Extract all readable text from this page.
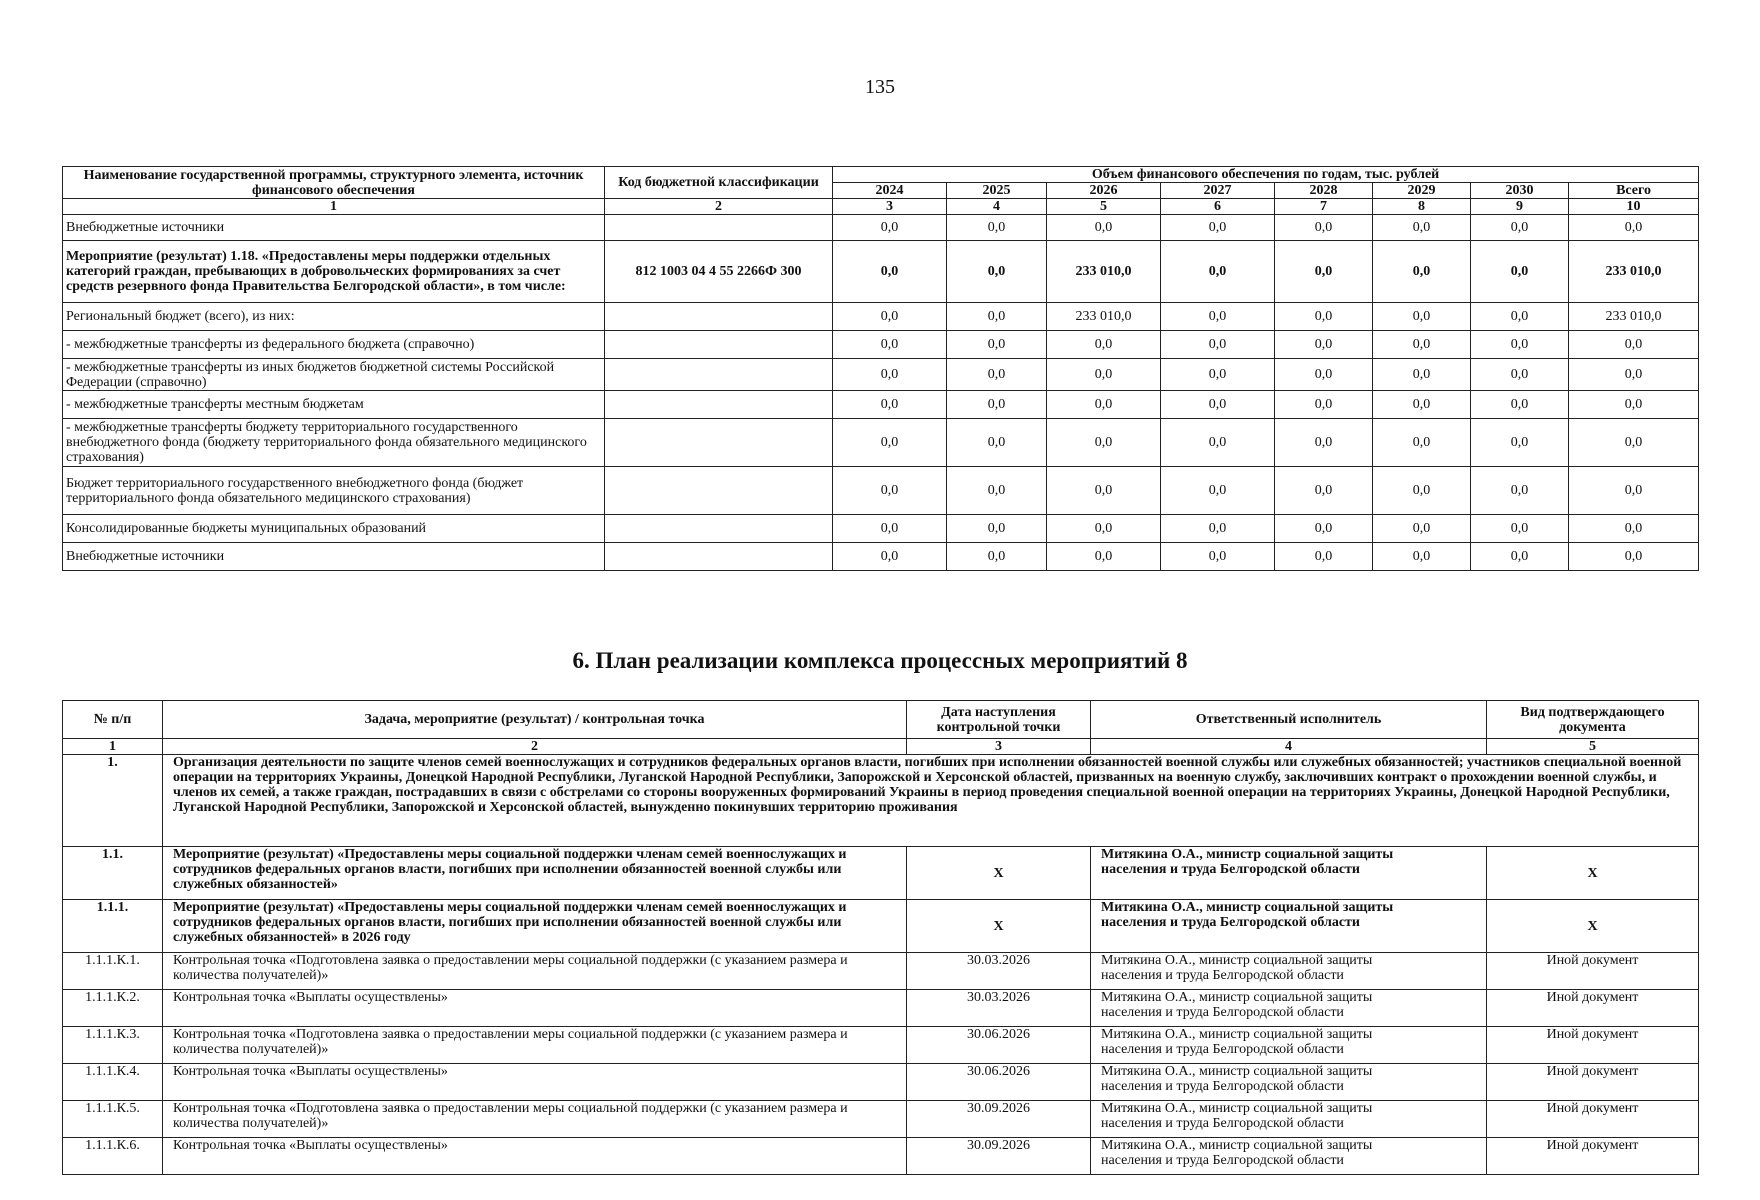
135
Наименование государственной программы, структурного элемента, источник финансового обеспечения	Код бюджетной классификации	Объем финансового обеспечения по годам, тыс. рублей							
		2024	2025	2026	2027	2028	2029	2030	Всего
1	2	3	4	5	6	7	8	9	10
Внебюджетные источники		0,0	0,0	0,0	0,0	0,0	0,0	0,0	0,0
Мероприятие (результат) 1.18. «Предоставлены меры поддержки отдельных категорий граждан, пребывающих в добровольческих формированиях за счет средств резервного фонда Правительства Белгородской области», в том числе:	812 1003 04 4 55 2266Ф 300	0,0	0,0	233 010,0	0,0	0,0	0,0	0,0	233 010,0
Региональный бюджет (всего), из них:		0,0	0,0	233 010,0	0,0	0,0	0,0	0,0	233 010,0
- межбюджетные трансферты из федерального бюджета (справочно)		0,0	0,0	0,0	0,0	0,0	0,0	0,0	0,0
- межбюджетные трансферты из иных бюджетов бюджетной системы Российской Федерации (справочно)		0,0	0,0	0,0	0,0	0,0	0,0	0,0	0,0
- межбюджетные трансферты местным бюджетам		0,0	0,0	0,0	0,0	0,0	0,0	0,0	0,0
- межбюджетные трансферты бюджету территориального государственного внебюджетного фонда (бюджету территориального фонда обязательного медицинского страхования)		0,0	0,0	0,0	0,0	0,0	0,0	0,0	0,0
Бюджет территориального государственного внебюджетного фонда (бюджет территориального фонда обязательного медицинского страхования)		0,0	0,0	0,0	0,0	0,0	0,0	0,0	0,0
Консолидированные бюджеты муниципальных образований		0,0	0,0	0,0	0,0	0,0	0,0	0,0	0,0
Внебюджетные источники		0,0	0,0	0,0	0,0	0,0	0,0	0,0	0,0
6. План реализации комплекса процессных мероприятий 8
№ п/п	Задача, мероприятие (результат) / контрольная точка	Дата наступления контрольной точки	Ответственный исполнитель	Вид подтверждающего документа
1	2	3	4	5
1.	Организация деятельности по защите членов семей военнослужащих и сотрудников федеральных органов власти, погибших при исполнении обязанностей военной службы или служебных обязанностей; участников специальной военной операции на территориях Украины, Донецкой Народной Республики, Луганской Народной Республики, Запорожской и Херсонской областей, призванных на военную службу, заключивших контракт о прохождении военной службы, и членов их семей, а также граждан, пострадавших в связи с обстрелами со стороны вооруженных формирований Украины в период проведения специальной военной операции на территориях Украины, Донецкой Народной Республики, Луганской Народной Республики, Запорожской и Херсонской областей, вынужденно покинувших территорию проживания			
1.1.	Мероприятие (результат) «Предоставлены меры социальной поддержки членам семей военнослужащих и сотрудников федеральных органов власти, погибших при исполнении обязанностей военной службы или служебных обязанностей»	X	Митякина О.А., министр социальной защиты населения и труда Белгородской области	X
1.1.1.	Мероприятие (результат) «Предоставлены меры социальной поддержки членам семей военнослужащих и сотрудников федеральных органов власти, погибших при исполнении обязанностей военной службы или служебных обязанностей» в 2026 году	X	Митякина О.А., министр социальной защиты населения и труда Белгородской области	X
1.1.1.К.1.	Контрольная точка «Подготовлена заявка о предоставлении меры социальной поддержки (с указанием размера и количества получателей)»	30.03.2026	Митякина О.А., министр социальной защиты населения и труда Белгородской области	Иной документ
1.1.1.К.2.	Контрольная точка «Выплаты осуществлены»	30.03.2026	Митякина О.А., министр социальной защиты населения и труда Белгородской области	Иной документ
1.1.1.К.3.	Контрольная точка «Подготовлена заявка о предоставлении меры социальной поддержки (с указанием размера и количества получателей)»	30.06.2026	Митякина О.А., министр социальной защиты населения и труда Белгородской области	Иной документ
1.1.1.К.4.	Контрольная точка «Выплаты осуществлены»	30.06.2026	Митякина О.А., министр социальной защиты населения и труда Белгородской области	Иной документ
1.1.1.К.5.	Контрольная точка «Подготовлена заявка о предоставлении меры социальной поддержки (с указанием размера и количества получателей)»	30.09.2026	Митякина О.А., министр социальной защиты населения и труда Белгородской области	Иной документ
1.1.1.К.6.	Контрольная точка «Выплаты осуществлены»	30.09.2026	Митякина О.А., министр социальной защиты населения и труда Белгородской области	Иной документ
